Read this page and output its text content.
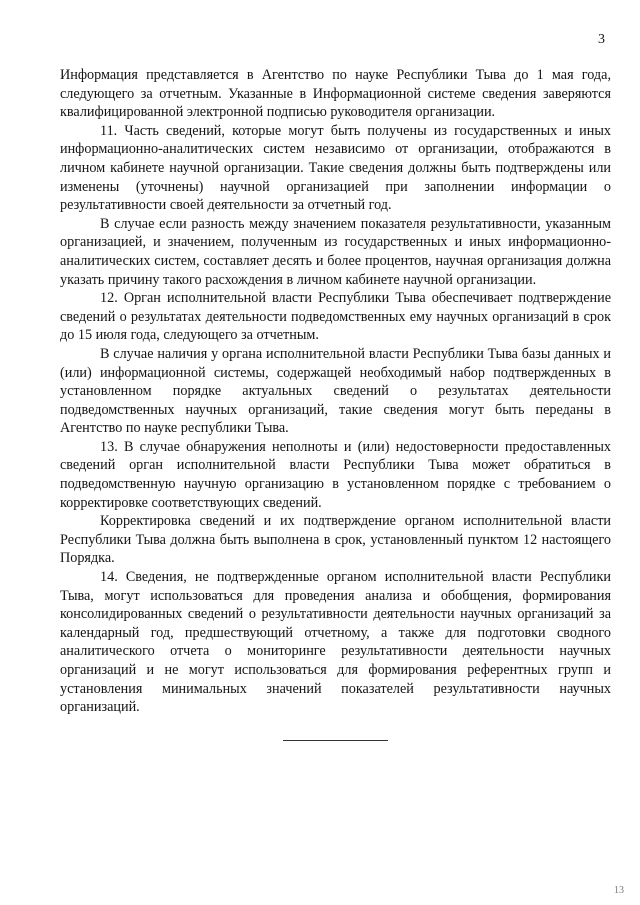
3

Информация представляется в Агентство по науке Республики Тыва до 1 мая года, следующего за отчетным. Указанные в Информационной системе сведения заверяются квалифицированной электронной подписью руководителя организации.

11. Часть сведений, которые могут быть получены из государственных и иных информационно-аналитических систем независимо от организации, отображаются в личном кабинете научной организации. Такие сведения должны быть подтверждены или изменены (уточнены) научной организацией при заполнении информации о результативности своей деятельности за отчетный год.

В случае если разность между значением показателя результативности, указанным организацией, и значением, полученным из государственных и иных информационно-аналитических систем, составляет десять и более процентов, научная организация должна указать причину такого расхождения в личном кабинете научной организации.

12. Орган исполнительной власти Республики Тыва обеспечивает подтверждение сведений о результатах деятельности подведомственных ему научных организаций в срок до 15 июля года, следующего за отчетным.

В случае наличия у органа исполнительной власти Республики Тыва базы данных и (или) информационной системы, содержащей необходимый набор подтвержденных в установленном порядке актуальных сведений о результатах деятельности подведомственных научных организаций, такие сведения могут быть переданы в Агентство по науке республики Тыва.

13. В случае обнаружения неполноты и (или) недостоверности предоставленных сведений орган исполнительной власти Республики Тыва может обратиться в подведомственную научную организацию в установленном порядке с требованием о корректировке соответствующих сведений.

Корректировка сведений и их подтверждение органом исполнительной власти Республики Тыва должна быть выполнена в срок, установленный пунктом 12 настоящего Порядка.

14. Сведения, не подтвержденные органом исполнительной власти Республики Тыва, могут использоваться для проведения анализа и обобщения, формирования консолидированных сведений о результативности деятельности научных организаций за календарный год, предшествующий отчетному, а также для подготовки сводного аналитического отчета о мониторинге результативности деятельности научных организаций и не могут использоваться для формирования референтных групп и установления минимальных значений показателей результативности научных организаций.

13
